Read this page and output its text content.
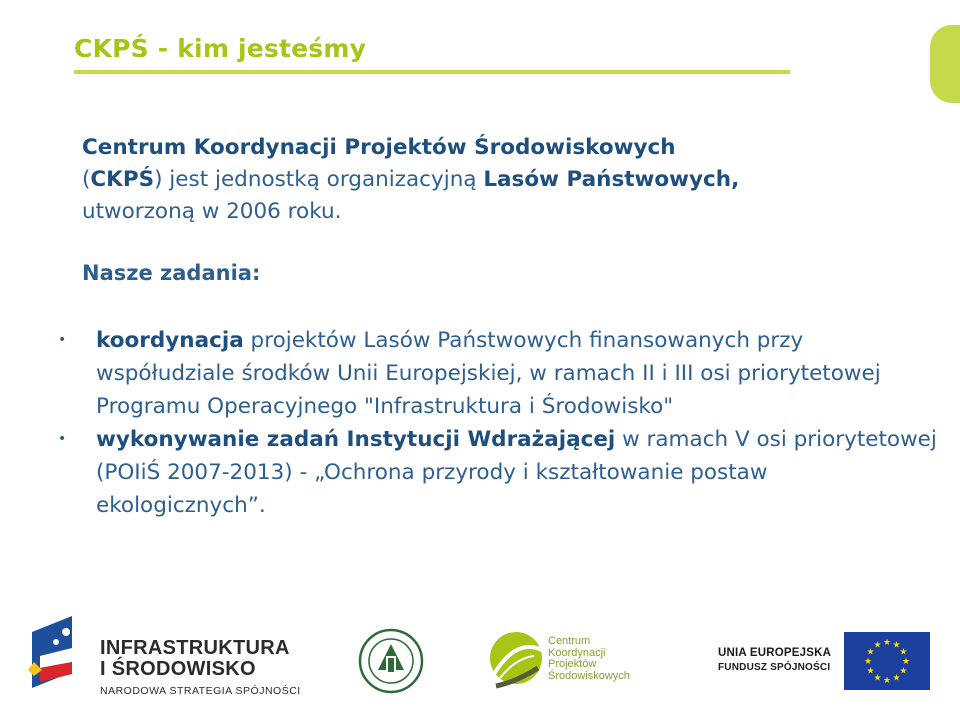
CKPŚ - kim jesteśmy
Centrum Koordynacji Projektów Środowiskowych
(CKPŚ) jest jednostką organizacyjną Lasów Państwowych,
utworzoną w 2006 roku.
Nasze zadania:
• koordynacja projektów Lasów Państwowych finansowanych przy współudziale środków Unii Europejskiej, w ramach II i III osi priorytetowej Programu Operacyjnego "Infrastruktura i Środowisko"
• wykonywanie zadań Instytucji Wdrażającej w ramach V osi priorytetowej (POIiŚ 2007-2013) - „Ochrona przyrody i kształtowanie postaw ekologicznych”.
INFRASTRUKTURA
I ŚRODOWISKO
NARODOWA STRATEGIA SPÓJNOŚCI
Centrum
Koordynacji
Projektów
Środowiskowych
UNIA EUROPEJSKA
FUNDUSZ SPÓJNOŚCI	★
★
★
★
★
★
★
★
★ ★ ★
★
